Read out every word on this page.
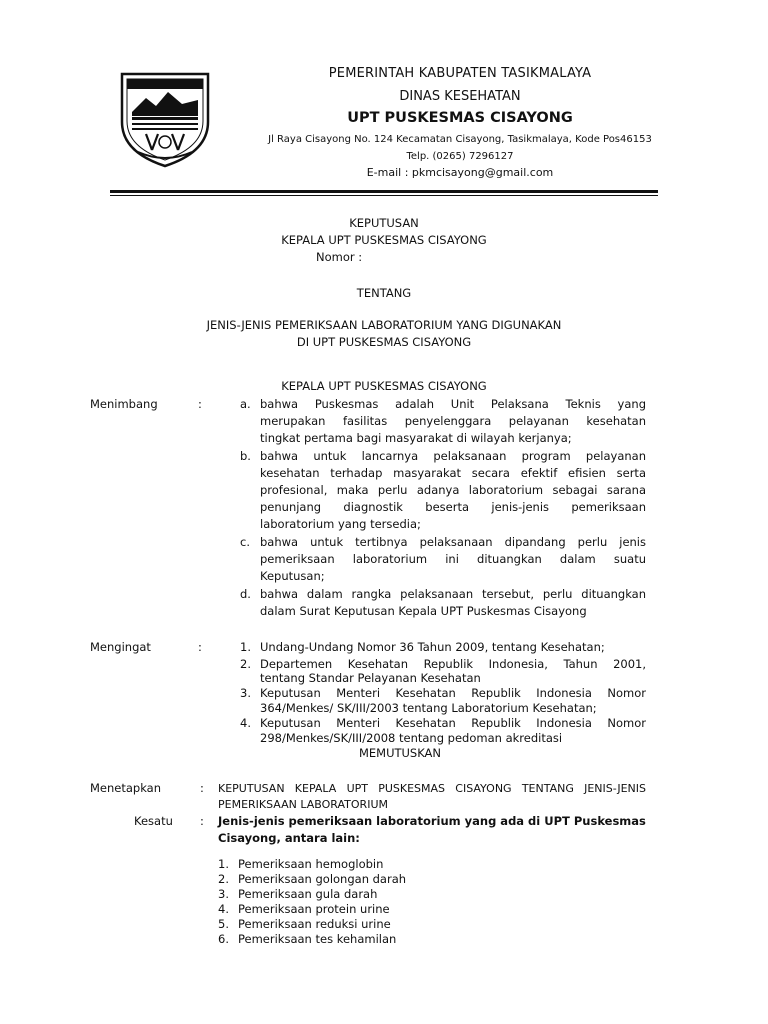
KAB. TASIKMALAYA	PEMERINTAH KABUPATEN TASIKMALAYA
DINAS KESEHATAN
UPT PUSKESMAS CISAYONG
Jl Raya Cisayong No. 124 Kecamatan Cisayong, Tasikmalaya, Kode Pos46153
Telp. (0265) 7296127
E-mail : pkmcisayong@gmail.com
KEPUTUSAN
KEPALA UPT PUSKESMAS CISAYONG
Nomor :
TENTANG
JENIS-JENIS PEMERIKSAAN LABORATORIUM YANG DIGUNAKAN
DI UPT PUSKESMAS CISAYONG
KEPALA UPT PUSKESMAS CISAYONG
Menimbang	:	a. bahwa Puskesmas adalah Unit Pelaksana Teknis yang
merupakan fasilitas penyelenggara pelayanan kesehatan
tingkat pertama bagi masyarakat di wilayah kerjanya;
b. bahwa untuk lancarnya pelaksanaan program pelayanan
kesehatan terhadap masyarakat secara efektif efisien serta
profesional, maka perlu adanya laboratorium sebagai sarana
penunjang diagnostik beserta jenis-jenis pemeriksaan
laboratorium yang tersedia;
c. bahwa untuk tertibnya pelaksanaan dipandang perlu jenis
pemeriksaan laboratorium ini dituangkan dalam suatu
Keputusan;
d. bahwa dalam rangka pelaksanaan tersebut, perlu dituangkan
dalam Surat Keputusan Kepala UPT Puskesmas Cisayong
Mengingat	:	1. Undang-Undang Nomor 36 Tahun 2009, tentang Kesehatan;
2. Departemen Kesehatan Republik Indonesia, Tahun 2001,
tentang Standar Pelayanan Kesehatan
3. Keputusan Menteri Kesehatan Republik Indonesia Nomor
364/Menkes/ SK/III/2003 tentang Laboratorium Kesehatan;
4. Keputusan Menteri Kesehatan Republik Indonesia Nomor
298/Menkes/SK/III/2008 tentang pedoman akreditasi
MEMUTUSKAN
Menetapkan	: KEPUTUSAN KEPALA UPT PUSKESMAS CISAYONG TENTANG JENIS-JENIS
PEMERIKSAAN LABORATORIUM
Kesatu : Jenis-jenis pemeriksaan laboratorium yang ada di UPT Puskesmas
Cisayong, antara lain:
1. Pemeriksaan hemoglobin
2. Pemeriksaan golongan darah
3. Pemeriksaan gula darah
4. Pemeriksaan protein urine
5. Pemeriksaan reduksi urine
6. Pemeriksaan tes kehamilan
